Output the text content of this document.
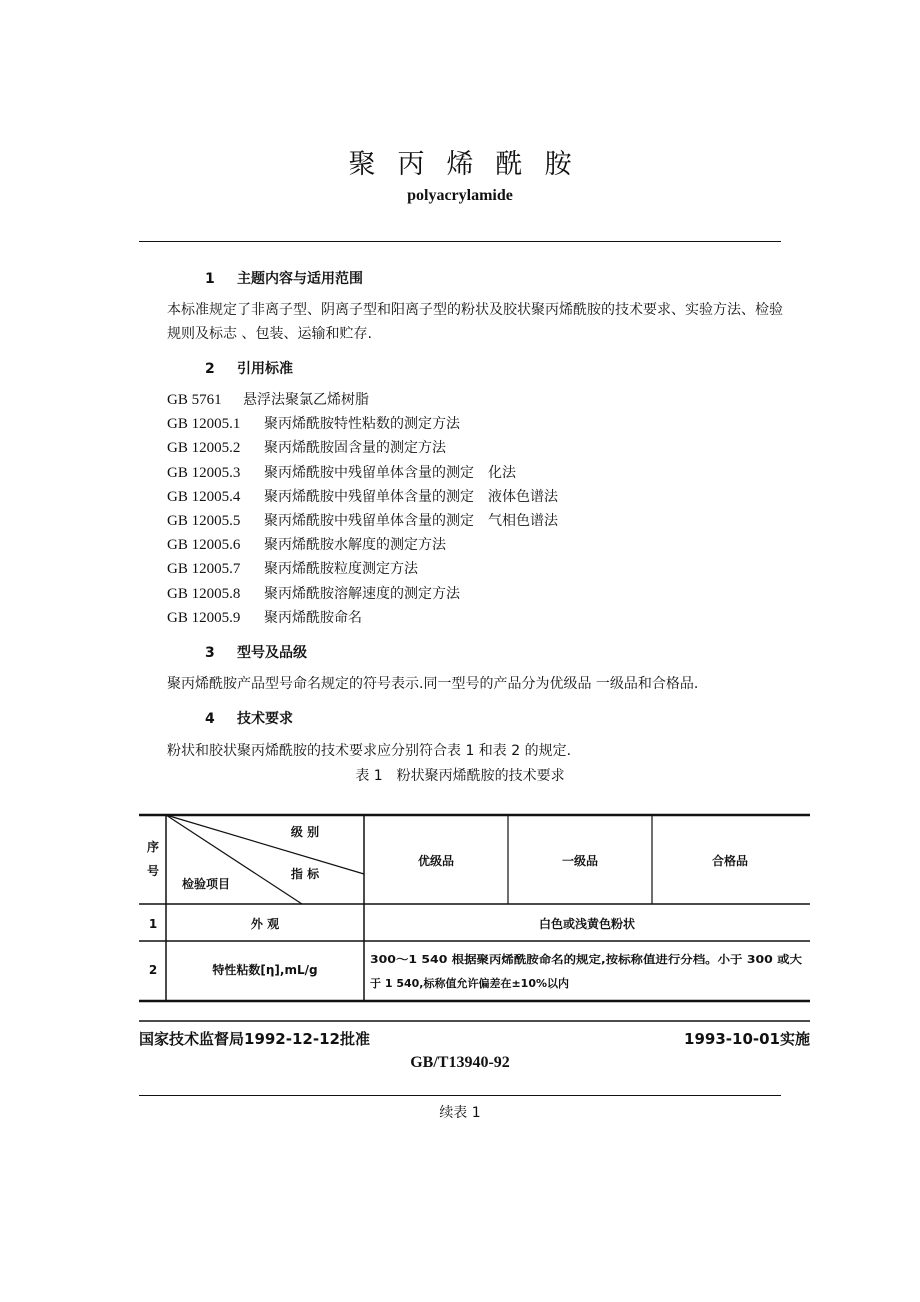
聚丙烯酰胺
polyacrylamide
1 主题内容与适用范围
本标准规定了非离子型、阴离子型和阳离子型的粉状及胶状聚丙烯酰胺的技术要求、实验方法、检验规则及标志 、包装、运输和贮存.
2 引用标准
GB 5761 悬浮法聚氯乙烯树脂
GB 12005.1 聚丙烯酰胺特性粘数的测定方法
GB 12005.2 聚丙烯酰胺固含量的测定方法
GB 12005.3 聚丙烯酰胺中残留单体含量的测定　化法
GB 12005.4 聚丙烯酰胺中残留单体含量的测定　液体色谱法
GB 12005.5 聚丙烯酰胺中残留单体含量的测定　气相色谱法
GB 12005.6 聚丙烯酰胺水解度的测定方法
GB 12005.7 聚丙烯酰胺粒度测定方法
GB 12005.8 聚丙烯酰胺溶解速度的测定方法
GB 12005.9 聚丙烯酰胺命名
3 型号及品级
聚丙烯酰胺产品型号命名规定的符号表示.同一型号的产品分为优级品 一级品和合格品.
4 技术要求
粉状和胶状聚丙烯酰胺的技术要求应分别符合表 1 和表 2 的规定.
表 1　粉状聚丙烯酰胺的技术要求
序
号
级 别
指 标
检验项目
优级品	一级品	合格品
1	外 观	白色或浅黄色粉状
2	特性粘数[η],mL/g
300～1 540 根据聚丙烯酰胺命名的规定,按标称值进行分档。小于 300 或大
于 1 540,标称值允许偏差在±10%以内
国家技术监督局1992-12-12批准	1993-10-01实施
GB/T13940-92
续表 1
